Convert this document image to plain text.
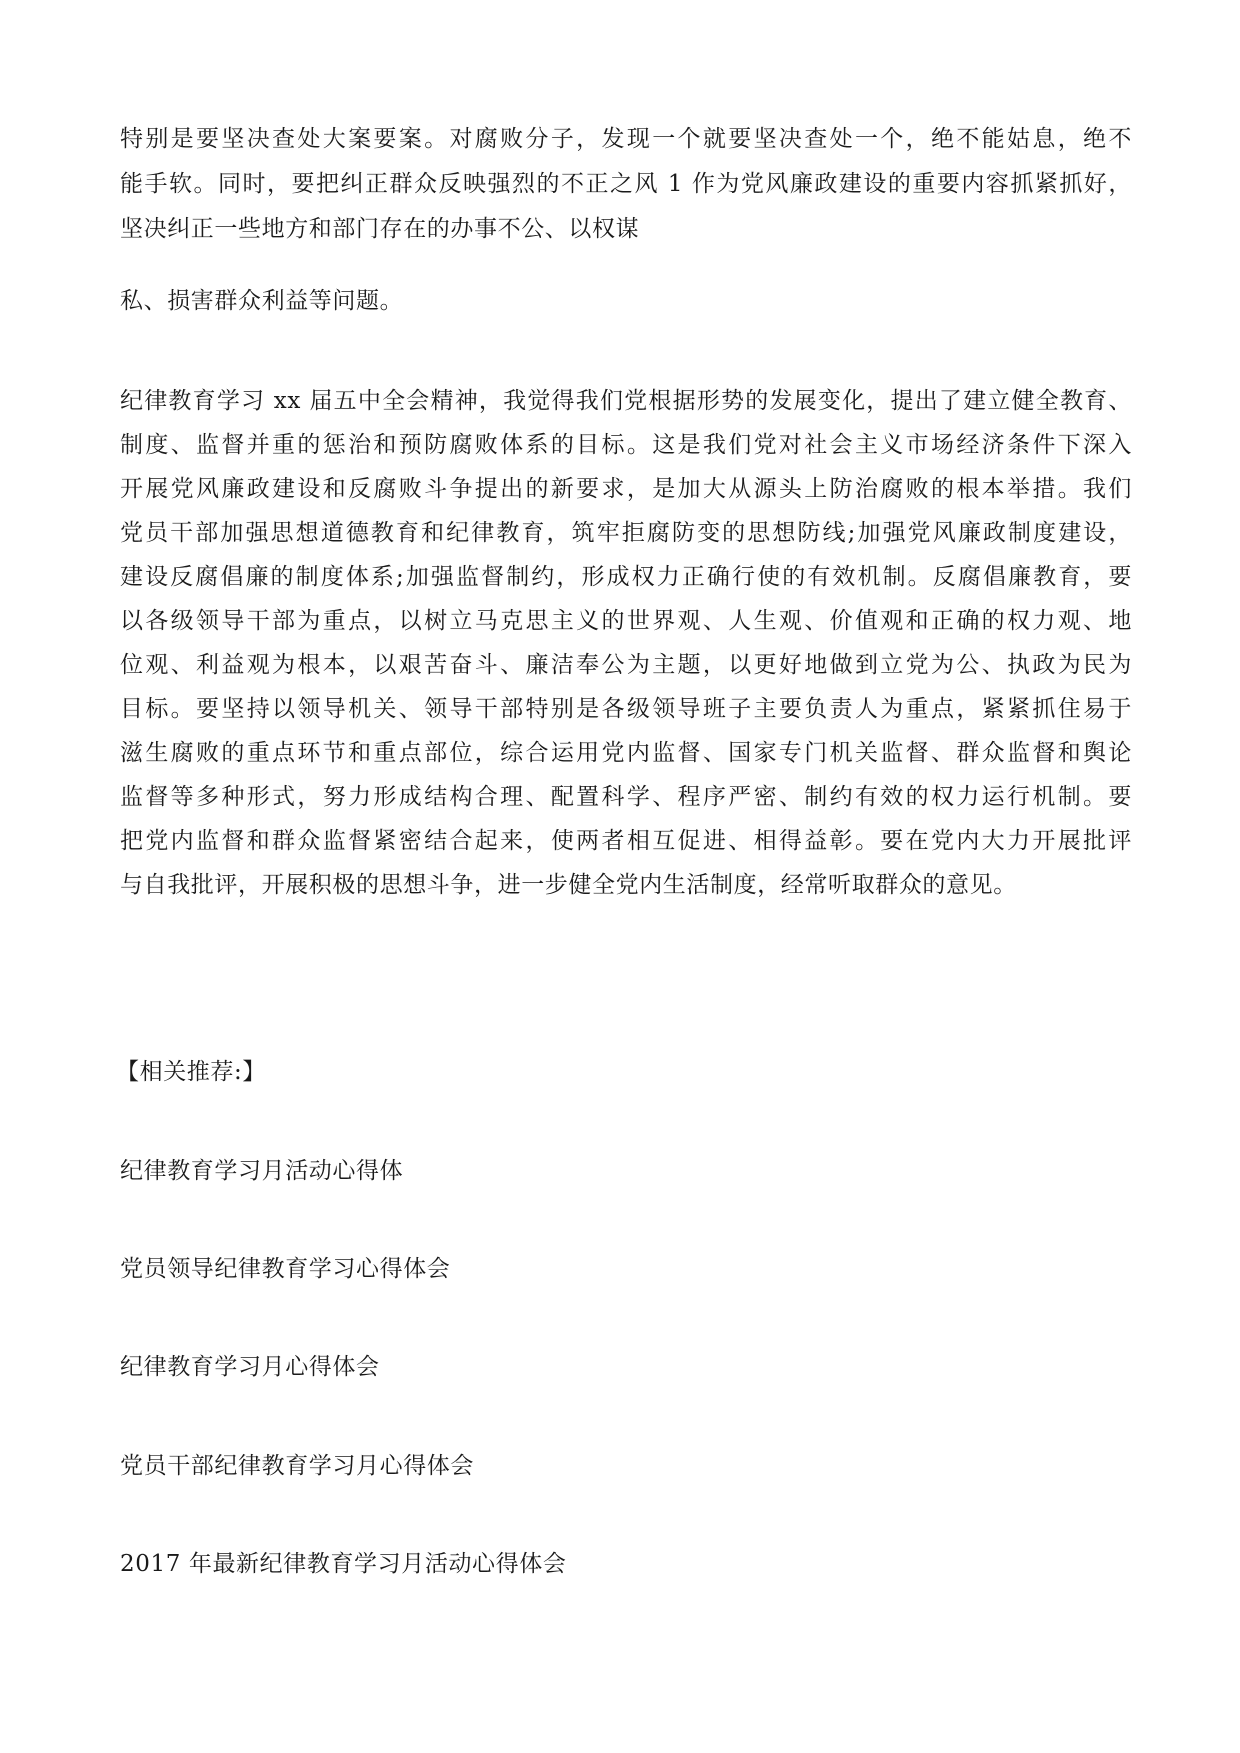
特别是要坚决查处大案要案。对腐败分子，发现一个就要坚决查处一个，绝不能姑息，绝不
能手软。同时，要把纠正群众反映强烈的不正之风 1 作为党风廉政建设的重要内容抓紧抓好，
坚决纠正一些地方和部门存在的办事不公、以权谋

私、损害群众利益等问题。

纪律教育学习 xx 届五中全会精神，我觉得我们党根据形势的发展变化，提出了建立健全教育、
制度、监督并重的惩治和预防腐败体系的目标。这是我们党对社会主义市场经济条件下深入
开展党风廉政建设和反腐败斗争提出的新要求，是加大从源头上防治腐败的根本举措。我们
党员干部加强思想道德教育和纪律教育，筑牢拒腐防变的思想防线;加强党风廉政制度建设，
建设反腐倡廉的制度体系;加强监督制约，形成权力正确行使的有效机制。反腐倡廉教育，要
以各级领导干部为重点，以树立马克思主义的世界观、人生观、价值观和正确的权力观、地
位观、利益观为根本，以艰苦奋斗、廉洁奉公为主题，以更好地做到立党为公、执政为民为
目标。要坚持以领导机关、领导干部特别是各级领导班子主要负责人为重点，紧紧抓住易于
滋生腐败的重点环节和重点部位，综合运用党内监督、国家专门机关监督、群众监督和舆论
监督等多种形式，努力形成结构合理、配置科学、程序严密、制约有效的权力运行机制。要
把党内监督和群众监督紧密结合起来，使两者相互促进、相得益彰。要在党内大力开展批评
与自我批评，开展积极的思想斗争，进一步健全党内生活制度，经常听取群众的意见。

【相关推荐:】

纪律教育学习月活动心得体

党员领导纪律教育学习心得体会

纪律教育学习月心得体会

党员干部纪律教育学习月心得体会

2017 年最新纪律教育学习月活动心得体会
